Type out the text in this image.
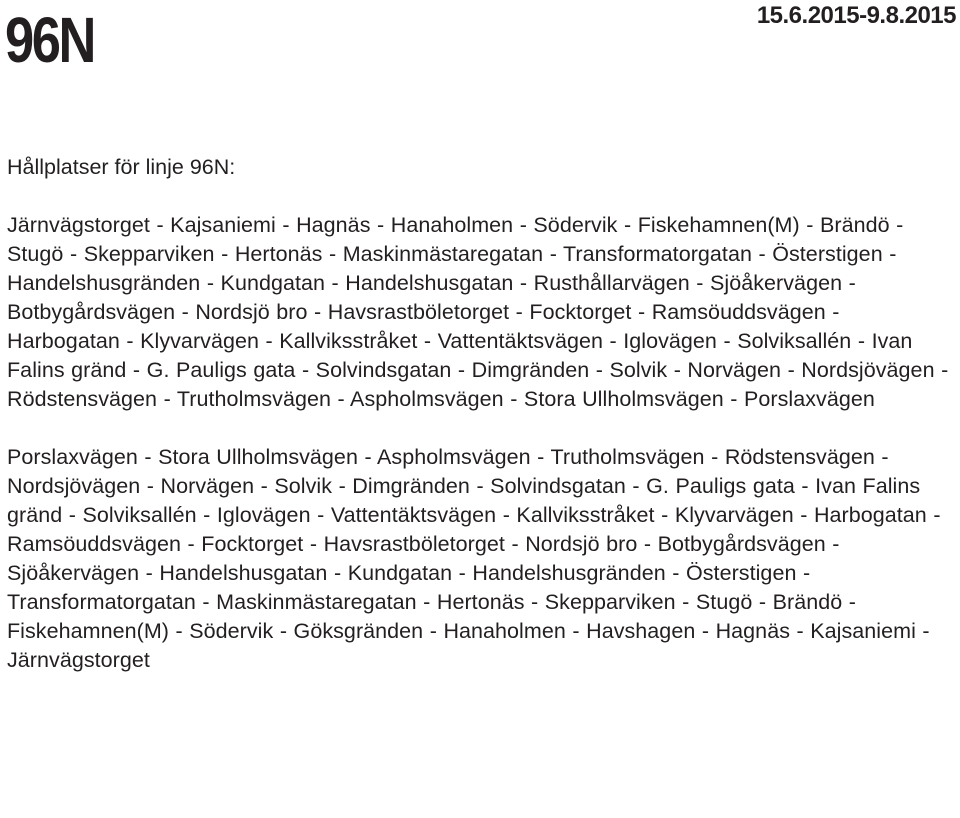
96N	15.6.2015-9.8.2015
Hållplatser för linje 96N:

Järnvägstorget - Kajsaniemi - Hagnäs - Hanaholmen - Södervik - Fiskehamnen(M) - Brändö - Stugö - Skepparviken - Hertonäs - Maskinmästaregatan - Transformatorgatan - Österstigen - Handelshusgränden - Kundgatan - Handelshusgatan - Rusthållarvägen - Sjöåkervägen - Botbygårdsvägen - Nordsjö bro - Havsrastböletorget - Focktorget - Ramsöuddsvägen - Harbogatan - Klyvarvägen - Kallviksstråket - Vattentäktsvägen - Iglovägen - Solviksallén - Ivan Falins gränd - G. Pauligs gata - Solvindsgatan - Dimgränden - Solvik - Norvägen - Nordsjövägen - Rödstensvägen - Trutholmsvägen - Aspholmsvägen - Stora Ullholmsvägen - Porslaxvägen

Porslaxvägen - Stora Ullholmsvägen - Aspholmsvägen - Trutholmsvägen - Rödstensvägen - Nordsjövägen - Norvägen - Solvik - Dimgränden - Solvindsgatan - G. Pauligs gata - Ivan Falins gränd - Solviksallén - Iglovägen - Vattentäktsvägen - Kallviksstråket - Klyvarvägen - Harbogatan - Ramsöuddsvägen - Focktorget - Havsrastböletorget - Nordsjö bro - Botbygårdsvägen - Sjöåkervägen - Handelshusgatan - Kundgatan - Handelshusgränden - Österstigen - Transformatorgatan - Maskinmästaregatan - Hertonäs - Skepparviken - Stugö - Brändö - Fiskehamnen(M) - Södervik - Göksgränden - Hanaholmen - Havshagen - Hagnäs - Kajsaniemi - Järnvägstorget
